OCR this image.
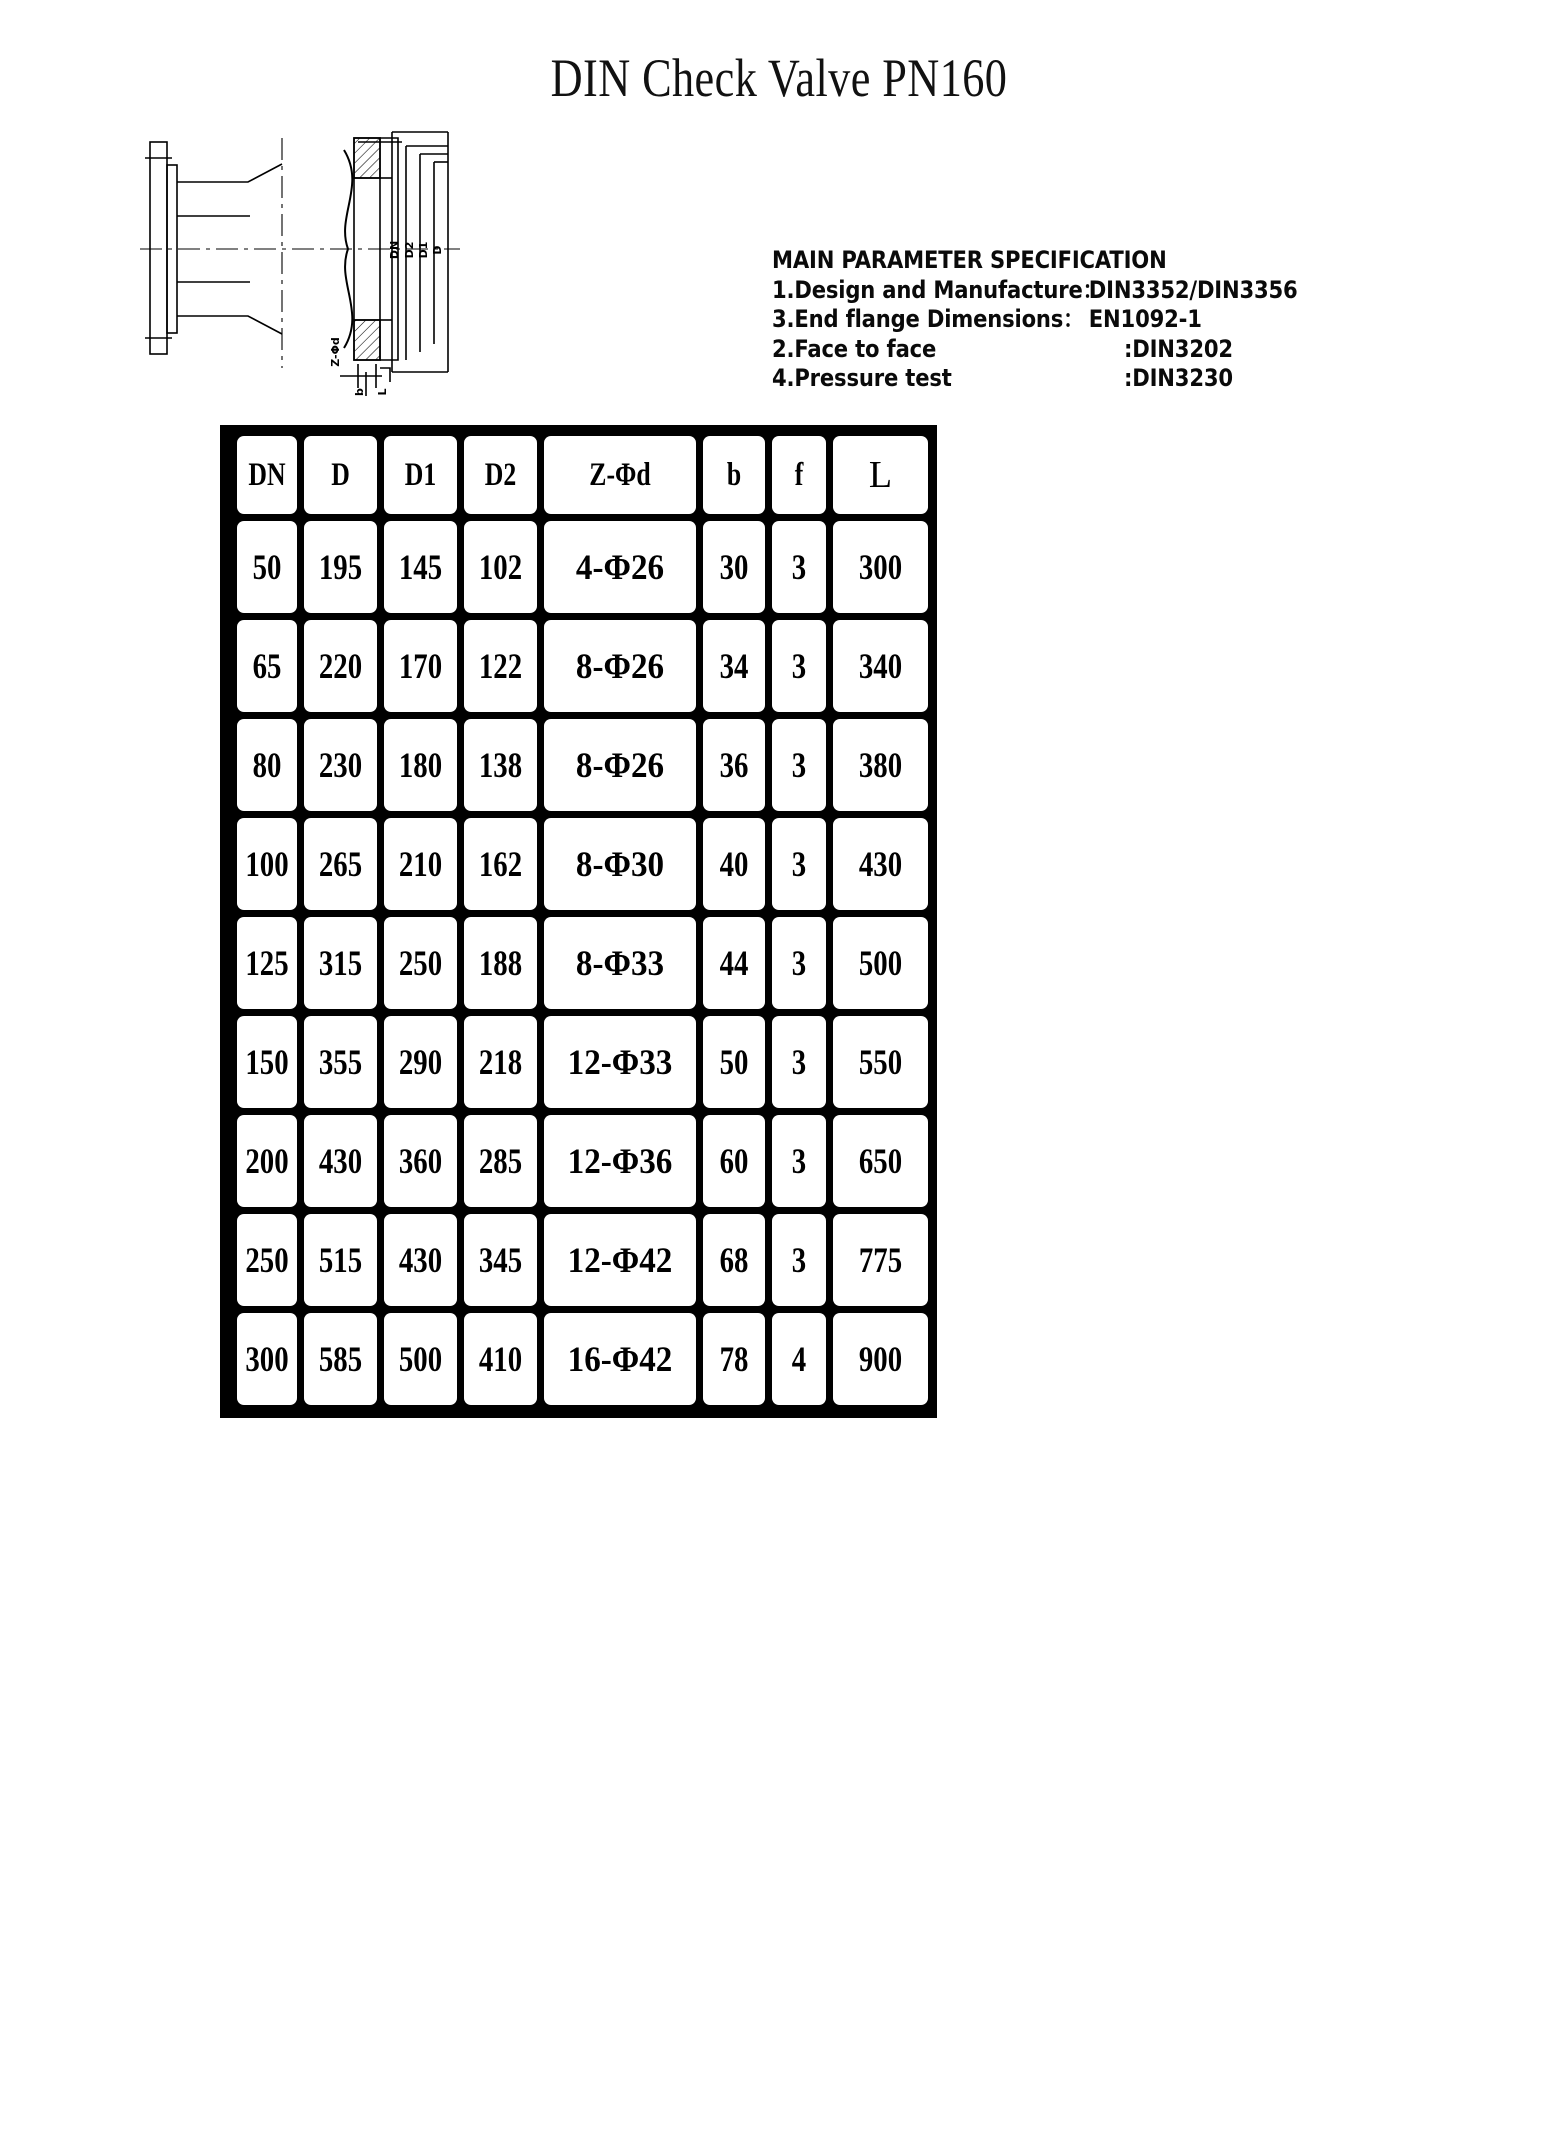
DIN Check Valve PN160
DN D2 D1 D
Z-Φd
b L
MAIN PARAMETER SPECIFICATION
1.Design and Manufacture：
DIN3352/DIN3356
3.End flange Dimensions： EN1092-1
2.Face to face	:DIN3202
4.Pressure test	:DIN3230
DN	D	D1	D2	Z-Φd	b	f	L

50	195	145	102	4-Φ26	30	3	300

65	220	170	122	8-Φ26	34	3	340

80	230	180	138	8-Φ26	36	3	380

100	265	210	162	8-Φ30	40	3	430

125	315	250	188	8-Φ33	44	3	500

150	355	290	218	12-Φ33	50	3	550

200	430	360	285	12-Φ36	60	3	650

250	515	430	345	12-Φ42	68	3	775

300	585	500	410	16-Φ42	78	4	900
